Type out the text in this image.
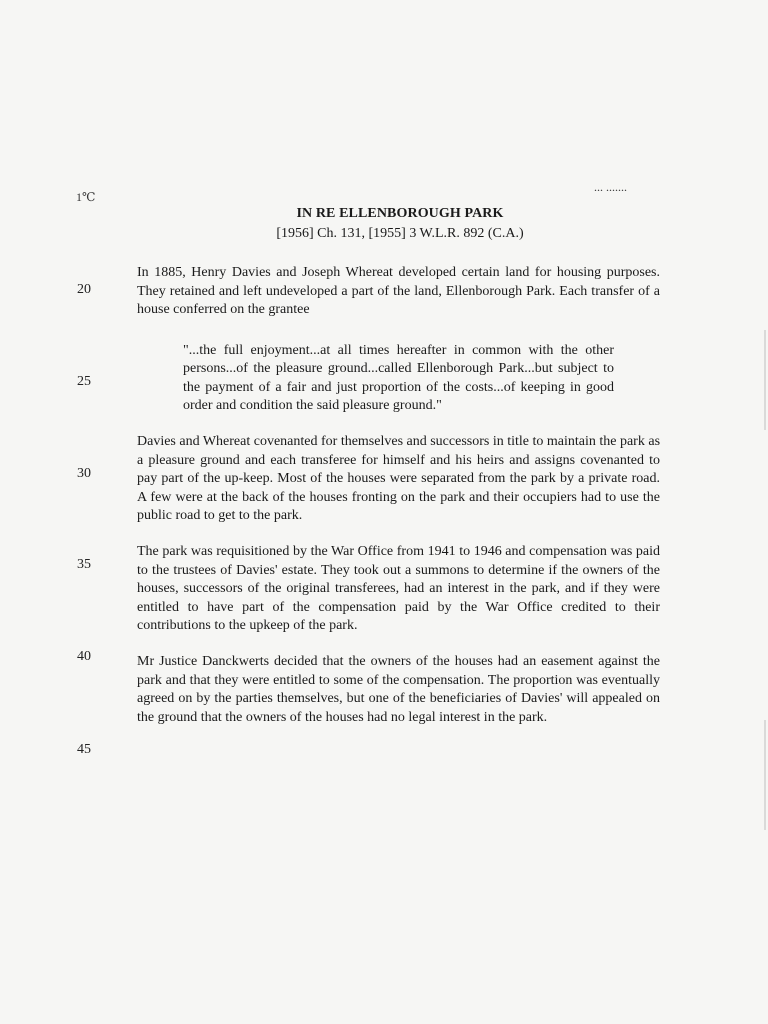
1℃
... .......

IN RE ELLENBOROUGH PARK

[1956] Ch. 131, [1955] 3 W.L.R. 892 (C.A.)

20
25
30
35
40
45

In 1885, Henry Davies and Joseph Whereat developed certain land for housing purposes. They retained and left undeveloped a part of the land, Ellenborough Park. Each transfer of a house conferred on the grantee

"...the full enjoyment...at all times hereafter in common with the other persons...of the pleasure ground...called Ellenborough Park...but subject to the payment of a fair and just proportion of the costs...of keeping in good order and condition the said pleasure ground."

Davies and Whereat covenanted for themselves and successors in title to maintain the park as a pleasure ground and each transferee for himself and his heirs and assigns covenanted to pay part of the up-keep. Most of the houses were separated from the park by a private road. A few were at the back of the houses fronting on the park and their occupiers had to use the public road to get to the park.

The park was requisitioned by the War Office from 1941 to 1946 and compensation was paid to the trustees of Davies' estate. They took out a summons to determine if the owners of the houses, successors of the original transferees, had an interest in the park, and if they were entitled to have part of the compensation paid by the War Office credited to their contributions to the upkeep of the park.

Mr Justice Danckwerts decided that the owners of the houses had an easement against the park and that they were entitled to some of the compensation. The proportion was eventually agreed on by the parties themselves, but one of the beneficiaries of Davies' will appealed on the ground that the owners of the houses had no legal interest in the park.
